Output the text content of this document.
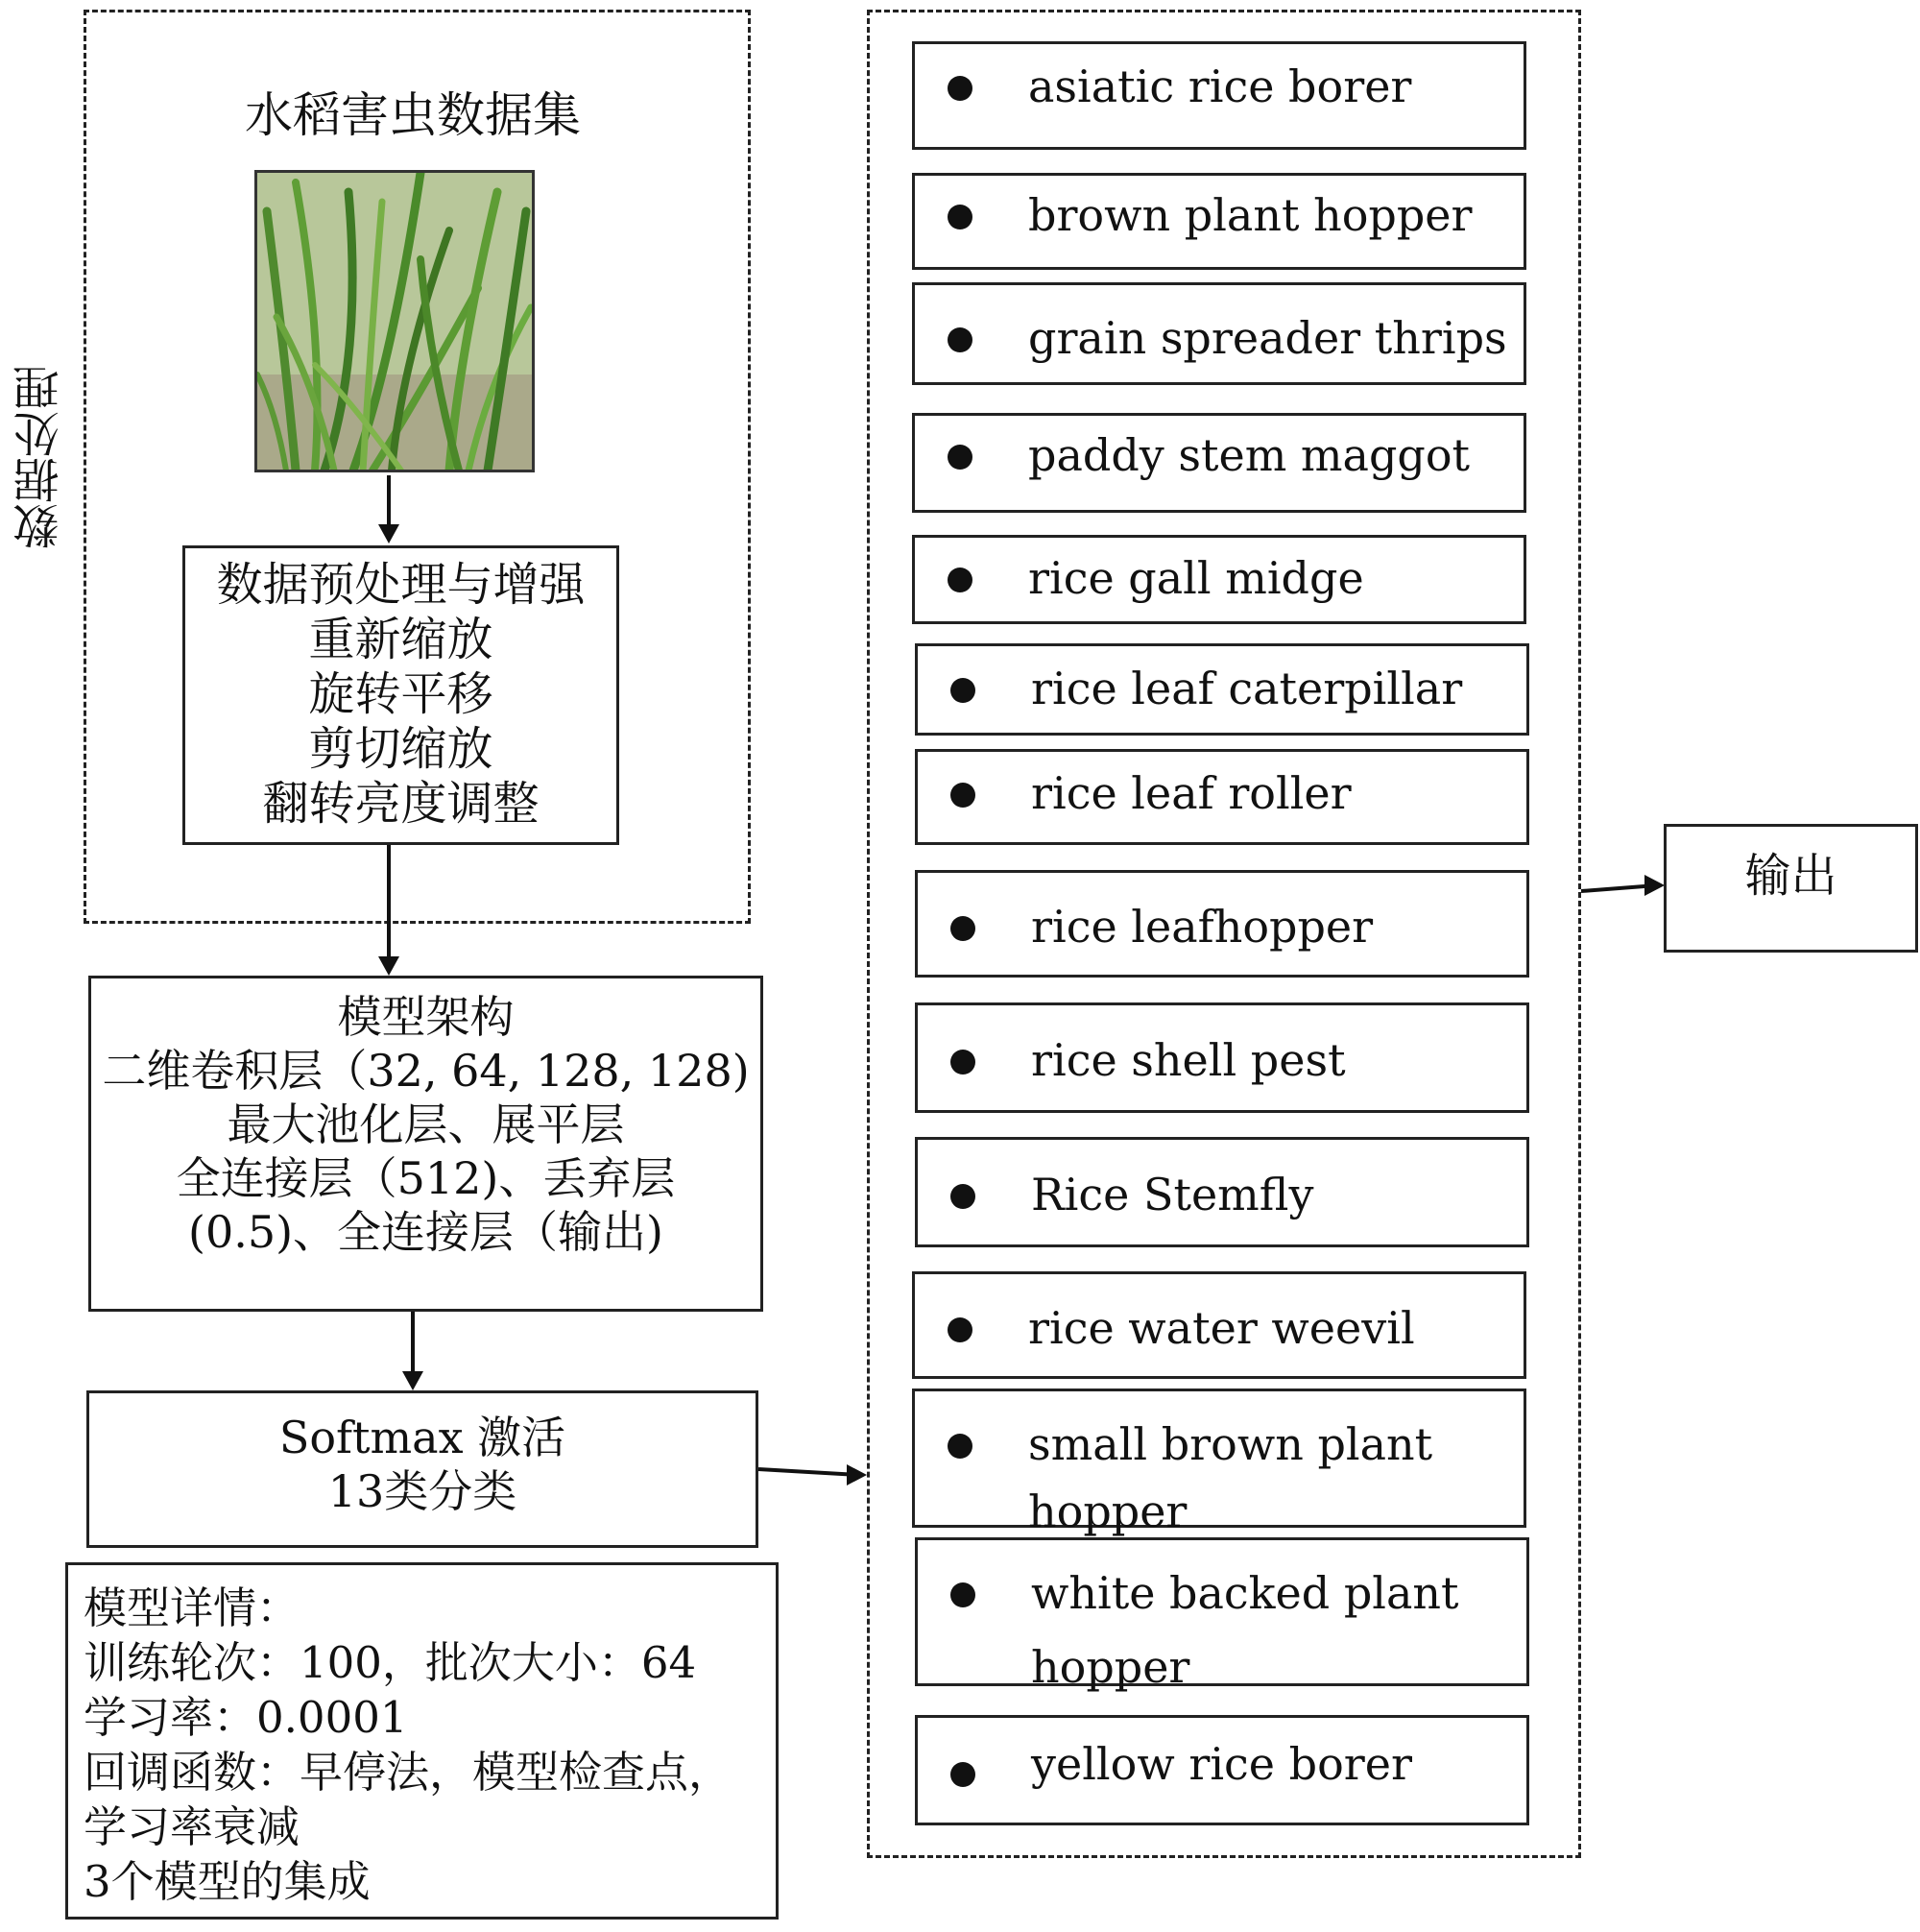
数据处理
水稻害虫数据集
数据预处理与增强
重新缩放
旋转平移
剪切缩放
翻转亮度调整
模型架构
二维卷积层（32, 64, 128, 128)
最大池化层、展平层
全连接层（512)、丢弃层
(0.5)、全连接层（输出)
Softmax 激活
13类分类
模型详情：
训练轮次：100，批次大小：64
学习率：0.0001
回调函数：早停法，模型检查点，
学习率衰减
3个模型的集成
asiatic rice borer
brown plant hopper
grain spreader thrips
paddy stem maggot
rice gall midge
rice leaf caterpillar
rice leaf roller
rice leafhopper
rice shell pest
Rice Stemfly
rice water weevil
small brown plant
hopper
white backed plant
hopper
yellow rice borer
输出
